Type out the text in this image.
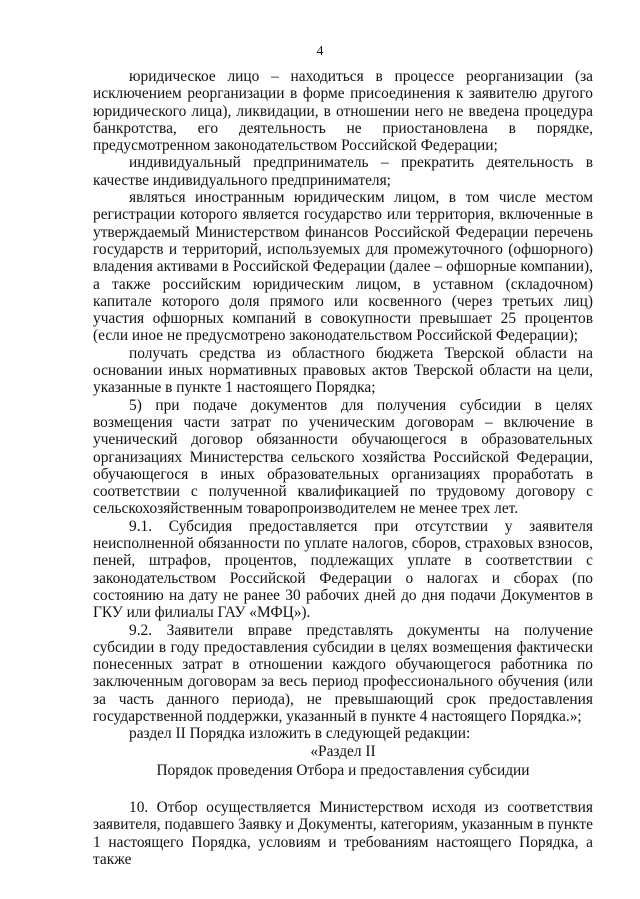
4

юридическое лицо – находиться в процессе реорганизации (за исключением реорганизации в форме присоединения к заявителю другого юридического лица), ликвидации, в отношении него не введена процедура банкротства, его деятельность не приостановлена в порядке, предусмотренном законодательством Российской Федерации;

индивидуальный предприниматель – прекратить деятельность в качестве индивидуального предпринимателя;

являться иностранным юридическим лицом, в том числе местом регистрации которого является государство или территория, включенные в утверждаемый Министерством финансов Российской Федерации перечень государств и территорий, используемых для промежуточного (офшорного) владения активами в Российской Федерации (далее – офшорные компании), а также российским юридическим лицом, в уставном (складочном) капитале которого доля прямого или косвенного (через третьих лиц) участия офшорных компаний в совокупности превышает 25 процентов (если иное не предусмотрено законодательством Российской Федерации);

получать средства из областного бюджета Тверской области на основании иных нормативных правовых актов Тверской области на цели, указанные в пункте 1 настоящего Порядка;

5) при подаче документов для получения субсидии в целях возмещения части затрат по ученическим договорам – включение в ученический договор обязанности обучающегося в образовательных организациях Министерства сельского хозяйства Российской Федерации, обучающегося в иных образовательных организациях проработать в соответствии с полученной квалификацией по трудовому договору с сельскохозяйственным товаропроизводителем не менее трех лет.

9.1. Субсидия предоставляется при отсутствии у заявителя неисполненной обязанности по уплате налогов, сборов, страховых взносов, пеней, штрафов, процентов, подлежащих уплате в соответствии с законодательством Российской Федерации о налогах и сборах (по состоянию на дату не ранее 30 рабочих дней до дня подачи Документов в ГКУ или филиалы ГАУ «МФЦ»).

9.2. Заявители вправе представлять документы на получение субсидии в году предоставления субсидии в целях возмещения фактически понесенных затрат в отношении каждого обучающегося работника по заключенным договорам за весь период профессионального обучения (или за часть данного периода), не превышающий срок предоставления государственной поддержки, указанный в пункте 4 настоящего Порядка.»;

раздел II Порядка изложить в следующей редакции:

«Раздел II

Порядок проведения Отбора и предоставления субсидии

10. Отбор осуществляется Министерством исходя из соответствия заявителя, подавшего Заявку и Документы, категориям, указанным в пункте 1 настоящего Порядка, условиям и требованиям настоящего Порядка, а также
